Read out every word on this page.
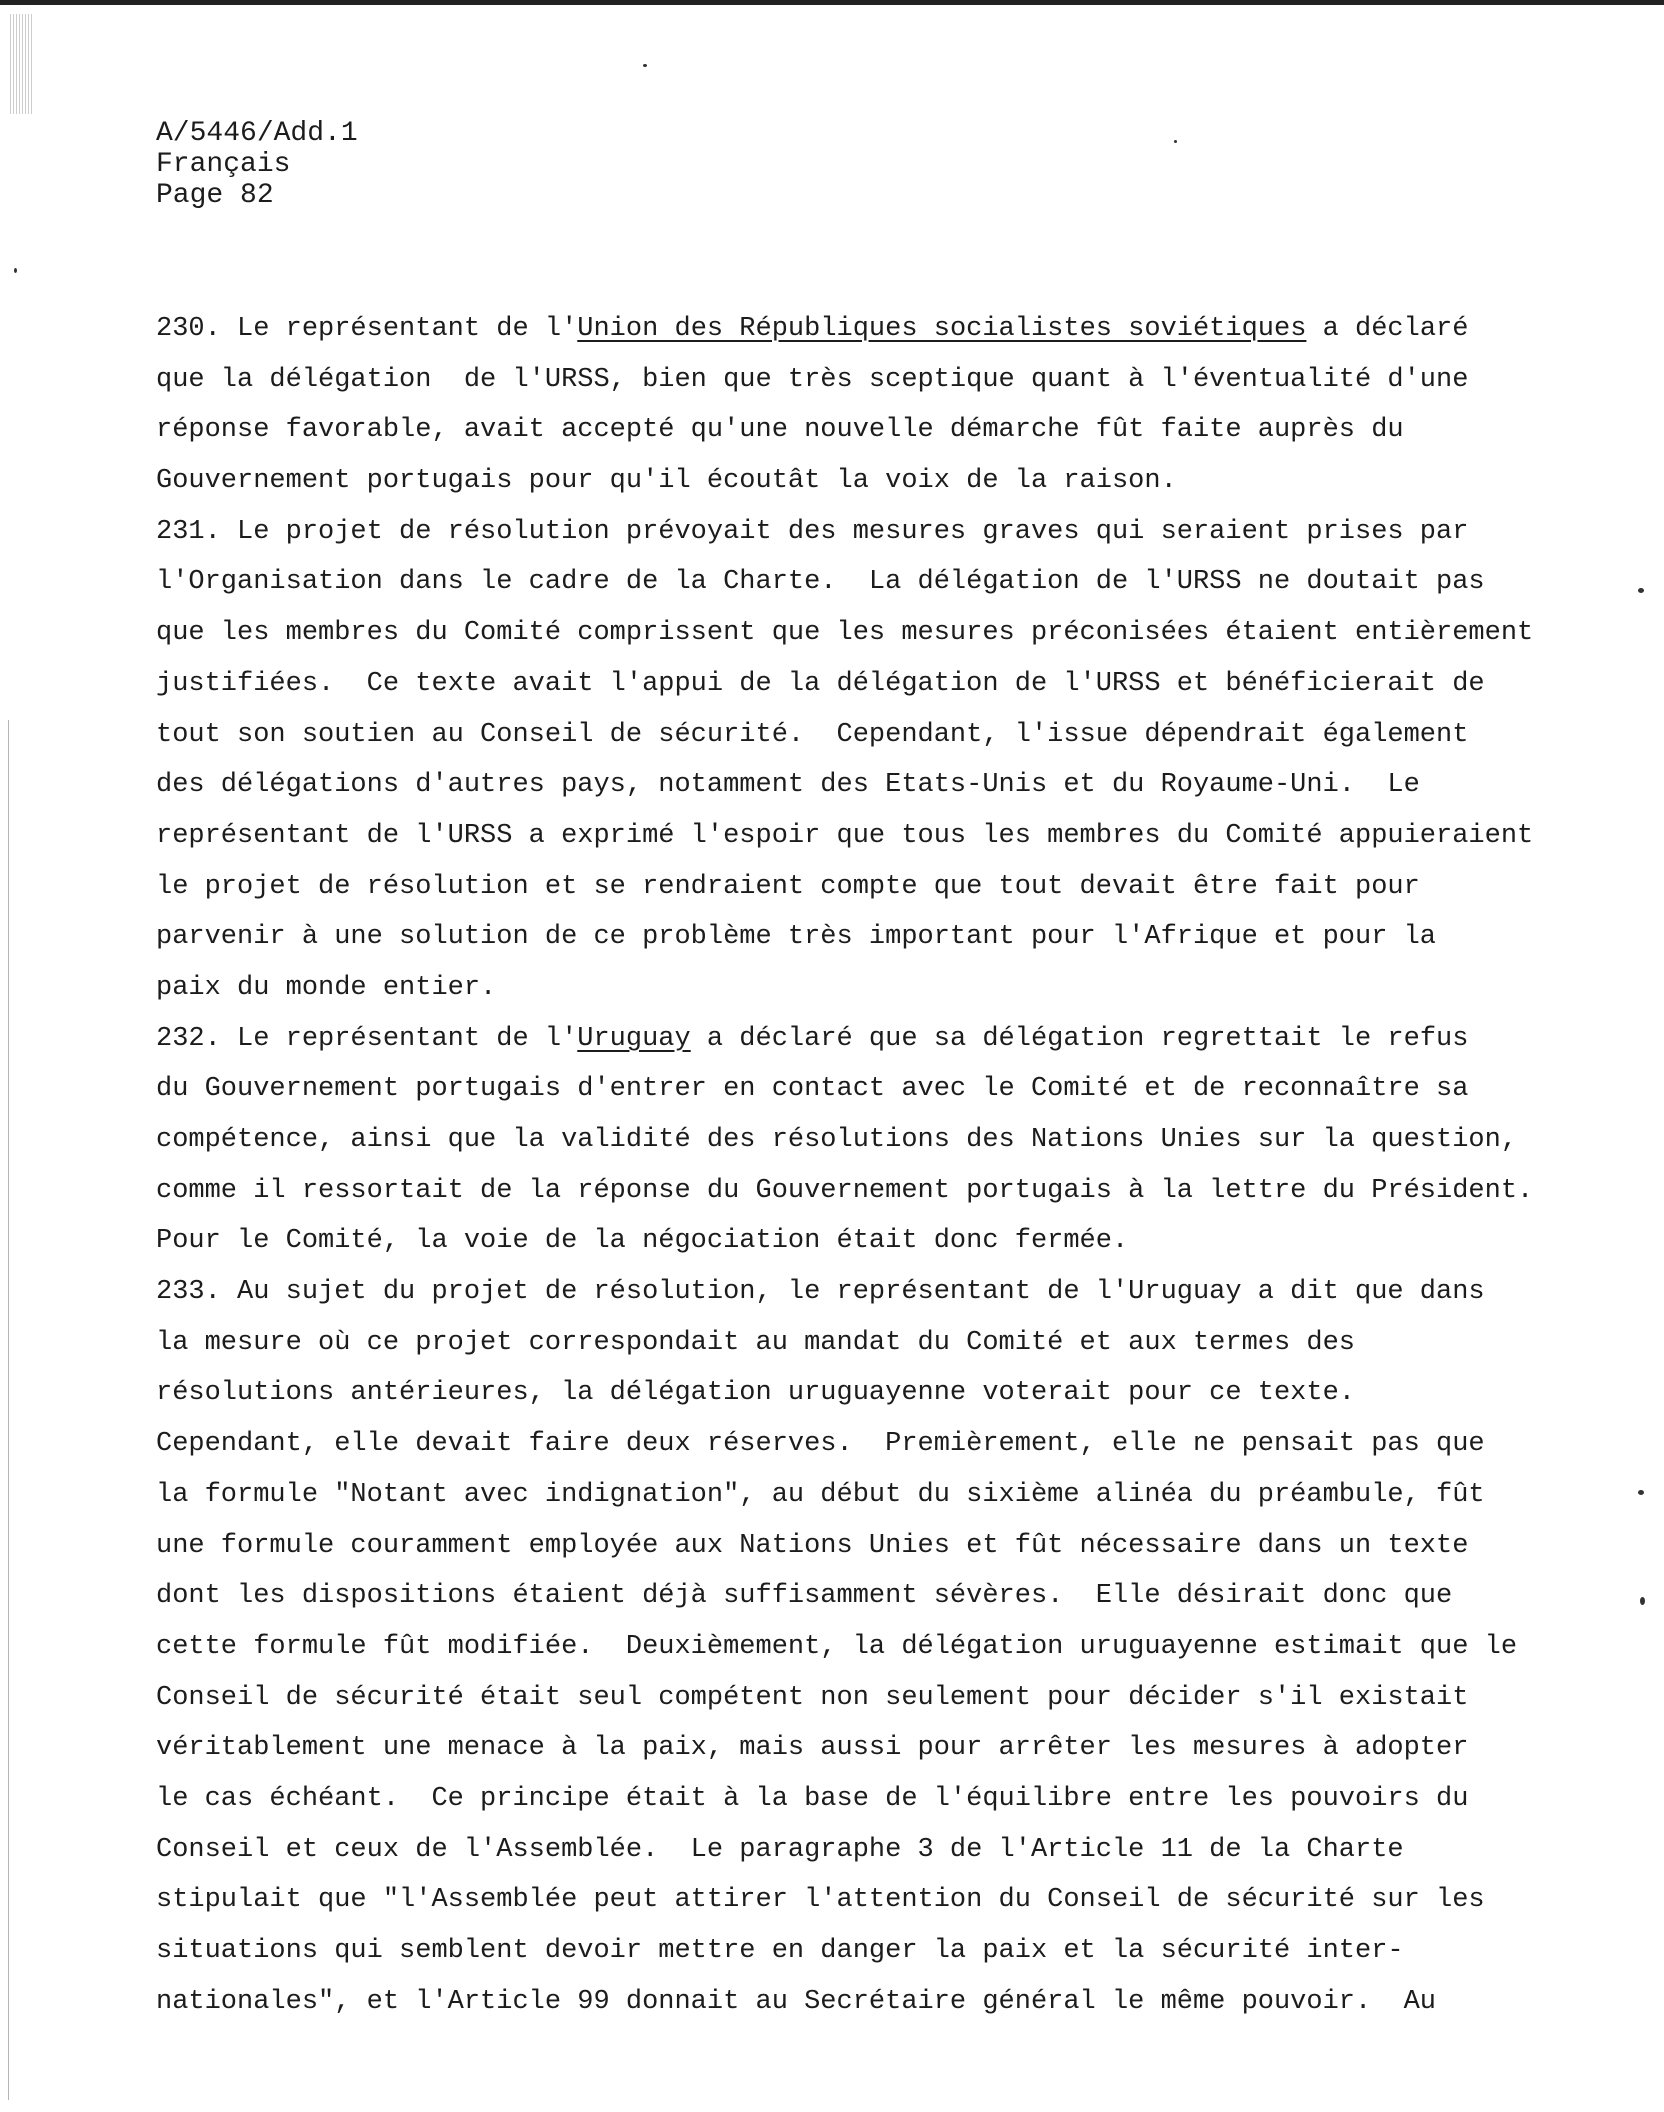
A/5446/Add.1
Français
Page 82
230. Le représentant de l'Union des Républiques socialistes soviétiques a déclaré
que la délégation  de l'URSS, bien que très sceptique quant à l'éventualité d'une
réponse favorable, avait accepté qu'une nouvelle démarche fût faite auprès du
Gouvernement portugais pour qu'il écoutât la voix de la raison.
231. Le projet de résolution prévoyait des mesures graves qui seraient prises par
l'Organisation dans le cadre de la Charte.  La délégation de l'URSS ne doutait pas
que les membres du Comité comprissent que les mesures préconisées étaient entièrement
justifiées.  Ce texte avait l'appui de la délégation de l'URSS et bénéficierait de
tout son soutien au Conseil de sécurité.  Cependant, l'issue dépendrait également
des délégations d'autres pays, notamment des Etats-Unis et du Royaume-Uni.  Le
représentant de l'URSS a exprimé l'espoir que tous les membres du Comité appuieraient
le projet de résolution et se rendraient compte que tout devait être fait pour
parvenir à une solution de ce problème très important pour l'Afrique et pour la
paix du monde entier.
232. Le représentant de l'Uruguay a déclaré que sa délégation regrettait le refus
du Gouvernement portugais d'entrer en contact avec le Comité et de reconnaître sa
compétence, ainsi que la validité des résolutions des Nations Unies sur la question,
comme il ressortait de la réponse du Gouvernement portugais à la lettre du Président.
Pour le Comité, la voie de la négociation était donc fermée.
233. Au sujet du projet de résolution, le représentant de l'Uruguay a dit que dans
la mesure où ce projet correspondait au mandat du Comité et aux termes des
résolutions antérieures, la délégation uruguayenne voterait pour ce texte.
Cependant, elle devait faire deux réserves.  Premièrement, elle ne pensait pas que
la formule "Notant avec indignation", au début du sixième alinéa du préambule, fût
une formule couramment employée aux Nations Unies et fût nécessaire dans un texte
dont les dispositions étaient déjà suffisamment sévères.  Elle désirait donc que
cette formule fût modifiée.  Deuxièmement, la délégation uruguayenne estimait que le
Conseil de sécurité était seul compétent non seulement pour décider s'il existait
véritablement une menace à la paix, mais aussi pour arrêter les mesures à adopter
le cas échéant.  Ce principe était à la base de l'équilibre entre les pouvoirs du
Conseil et ceux de l'Assemblée.  Le paragraphe 3 de l'Article 11 de la Charte
stipulait que "l'Assemblée peut attirer l'attention du Conseil de sécurité sur les
situations qui semblent devoir mettre en danger la paix et la sécurité inter-
nationales", et l'Article 99 donnait au Secrétaire général le même pouvoir.  Au
